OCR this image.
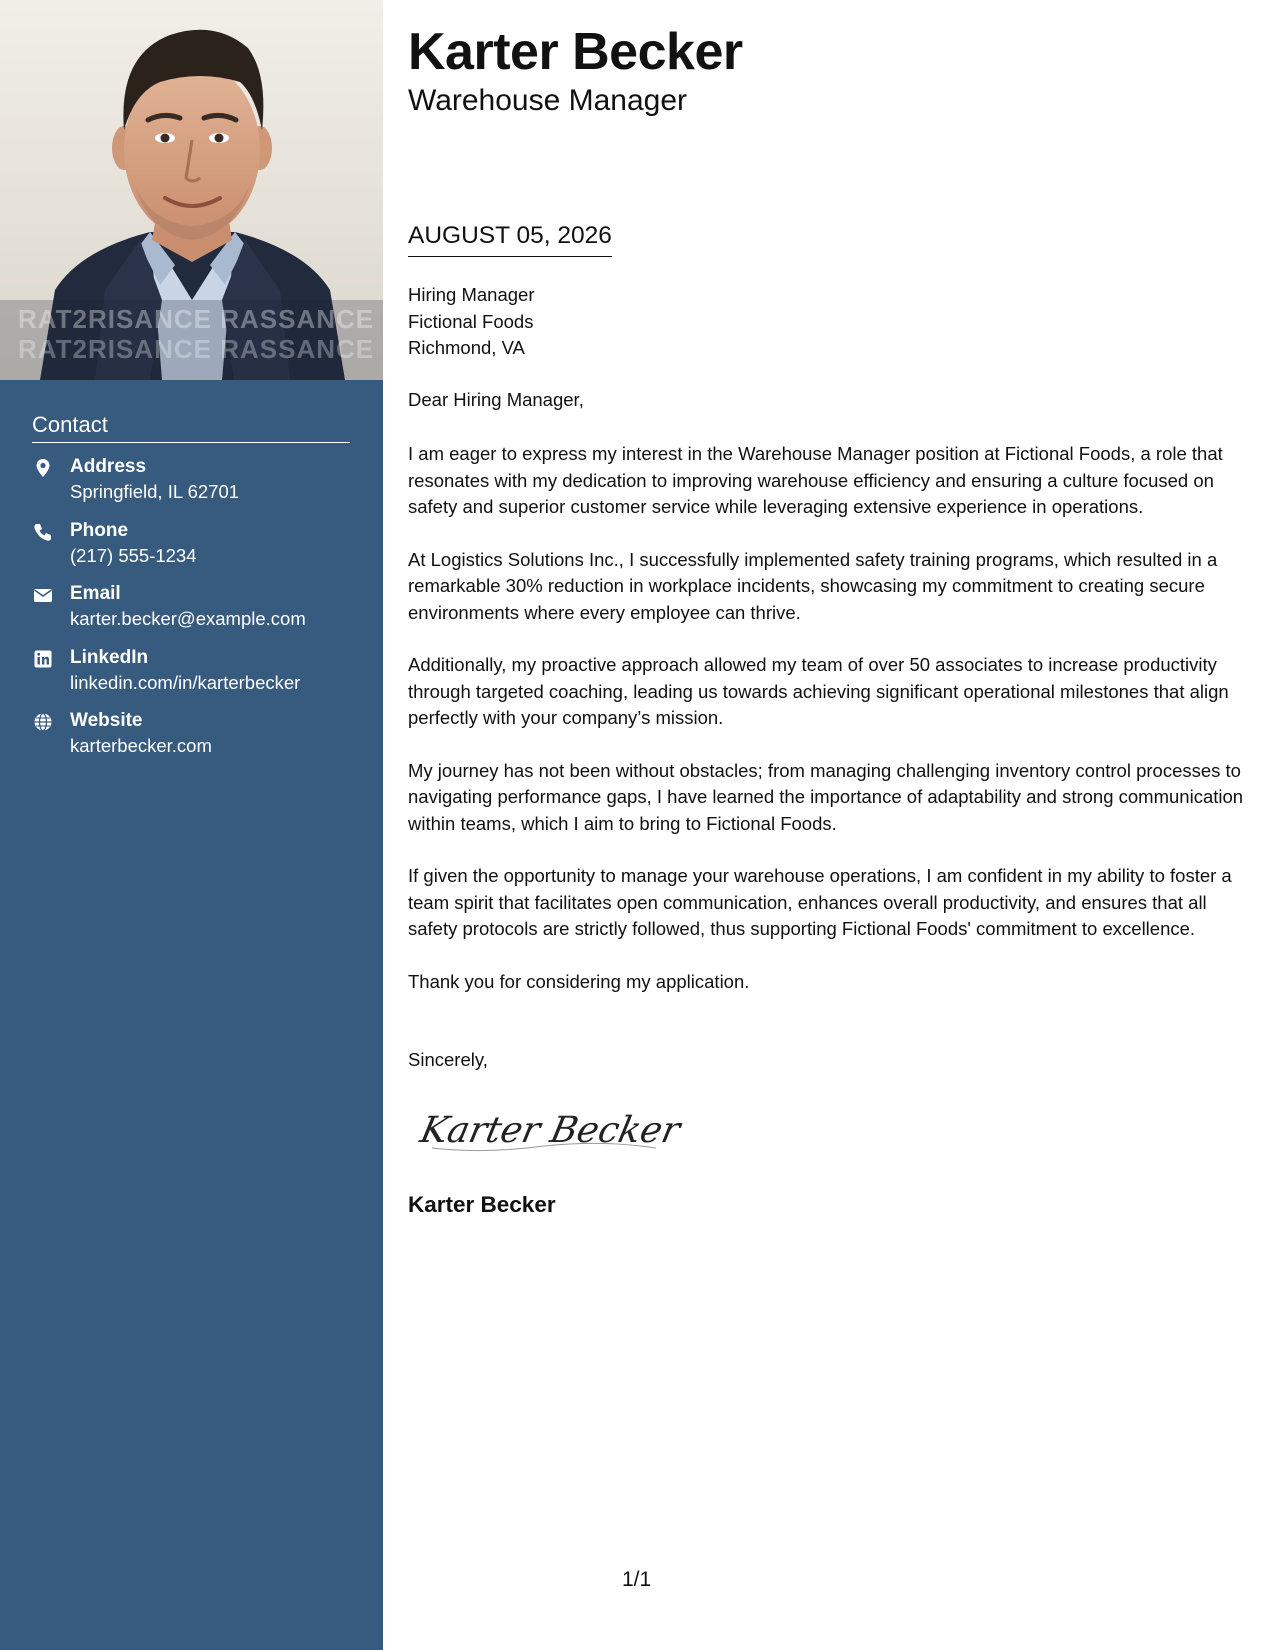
RAT2RISANCE RASSANCE
RAT2RISANCE RASSANCE
Contact
Address
Springfield, IL 62701
Phone
(217) 555-1234
Email
karter.becker@example.com
LinkedIn
linkedin.com/in/karterbecker
Website
karterbecker.com
Karter Becker
Warehouse Manager
AUGUST 05, 2026
Hiring Manager
Fictional Foods
Richmond, VA
Dear Hiring Manager,

I am eager to express my interest in the Warehouse Manager position at Fictional Foods, a role that resonates with my dedication to improving warehouse efficiency and ensuring a culture focused on safety and superior customer service while leveraging extensive experience in operations.

At Logistics Solutions Inc., I successfully implemented safety training programs, which resulted in a remarkable 30% reduction in workplace incidents, showcasing my commitment to creating secure environments where every employee can thrive.

Additionally, my proactive approach allowed my team of over 50 associates to increase productivity through targeted coaching, leading us towards achieving significant operational milestones that align perfectly with your company’s mission.

My journey has not been without obstacles; from managing challenging inventory control processes to navigating performance gaps, I have learned the importance of adaptability and strong communication within teams, which I aim to bring to Fictional Foods.

If given the opportunity to manage your warehouse operations, I am confident in my ability to foster a team spirit that facilitates open communication, enhances overall productivity, and ensures that all safety protocols are strictly followed, thus supporting Fictional Foods' commitment to excellence.

Thank you for considering my application.

Sincerely,
Karter Becker
Karter Becker
1/1
